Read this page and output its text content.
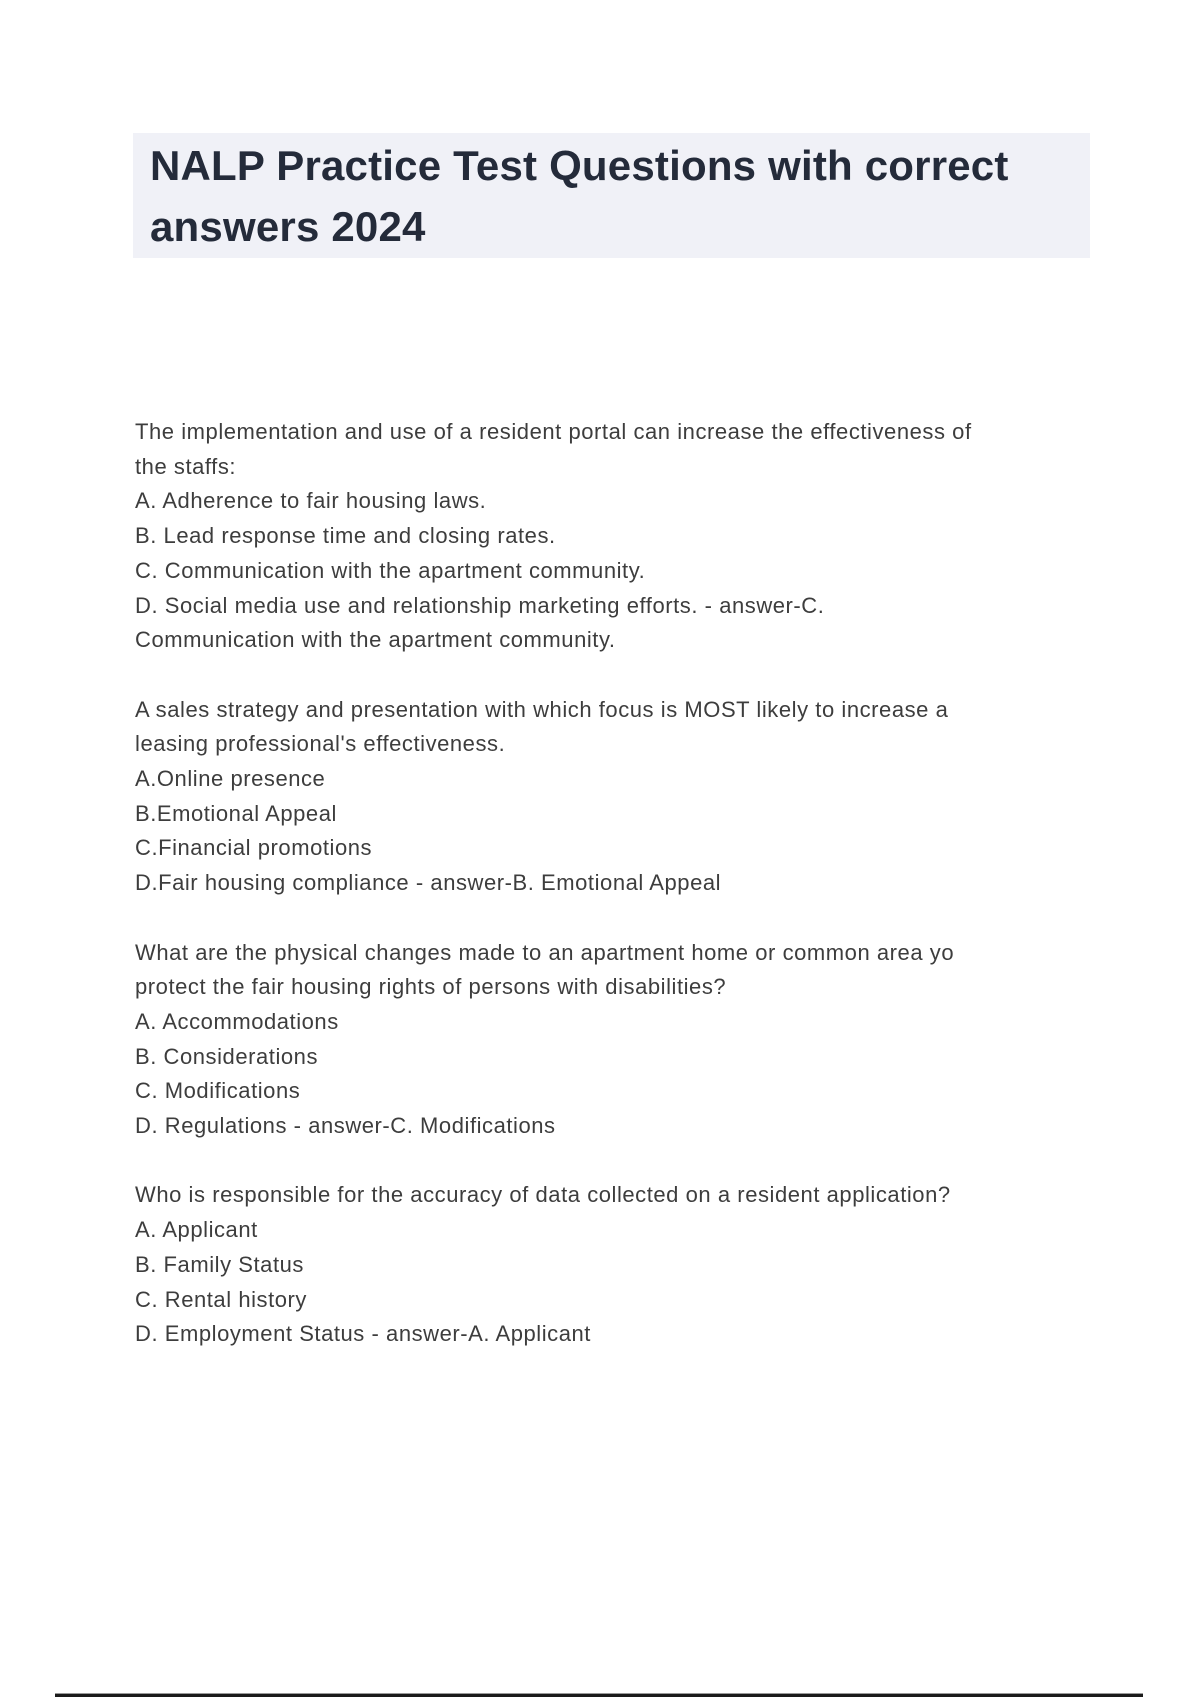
NALP Practice Test Questions with correct
answers 2024
The implementation and use of a resident portal can increase the effectiveness of
the staffs:
A. Adherence to fair housing laws.
B. Lead response time and closing rates.
C. Communication with the apartment community.
D. Social media use and relationship marketing efforts. - answer-C.
Communication with the apartment community.
A sales strategy and presentation with which focus is MOST likely to increase a
leasing professional's effectiveness.
A.Online presence
B.Emotional Appeal
C.Financial promotions
D.Fair housing compliance - answer-B. Emotional Appeal
What are the physical changes made to an apartment home or common area yo
protect the fair housing rights of persons with disabilities?
A. Accommodations
B. Considerations
C. Modifications
D. Regulations - answer-C. Modifications
Who is responsible for the accuracy of data collected on a resident application?
A. Applicant
B. Family Status
C. Rental history
D. Employment Status - answer-A. Applicant
